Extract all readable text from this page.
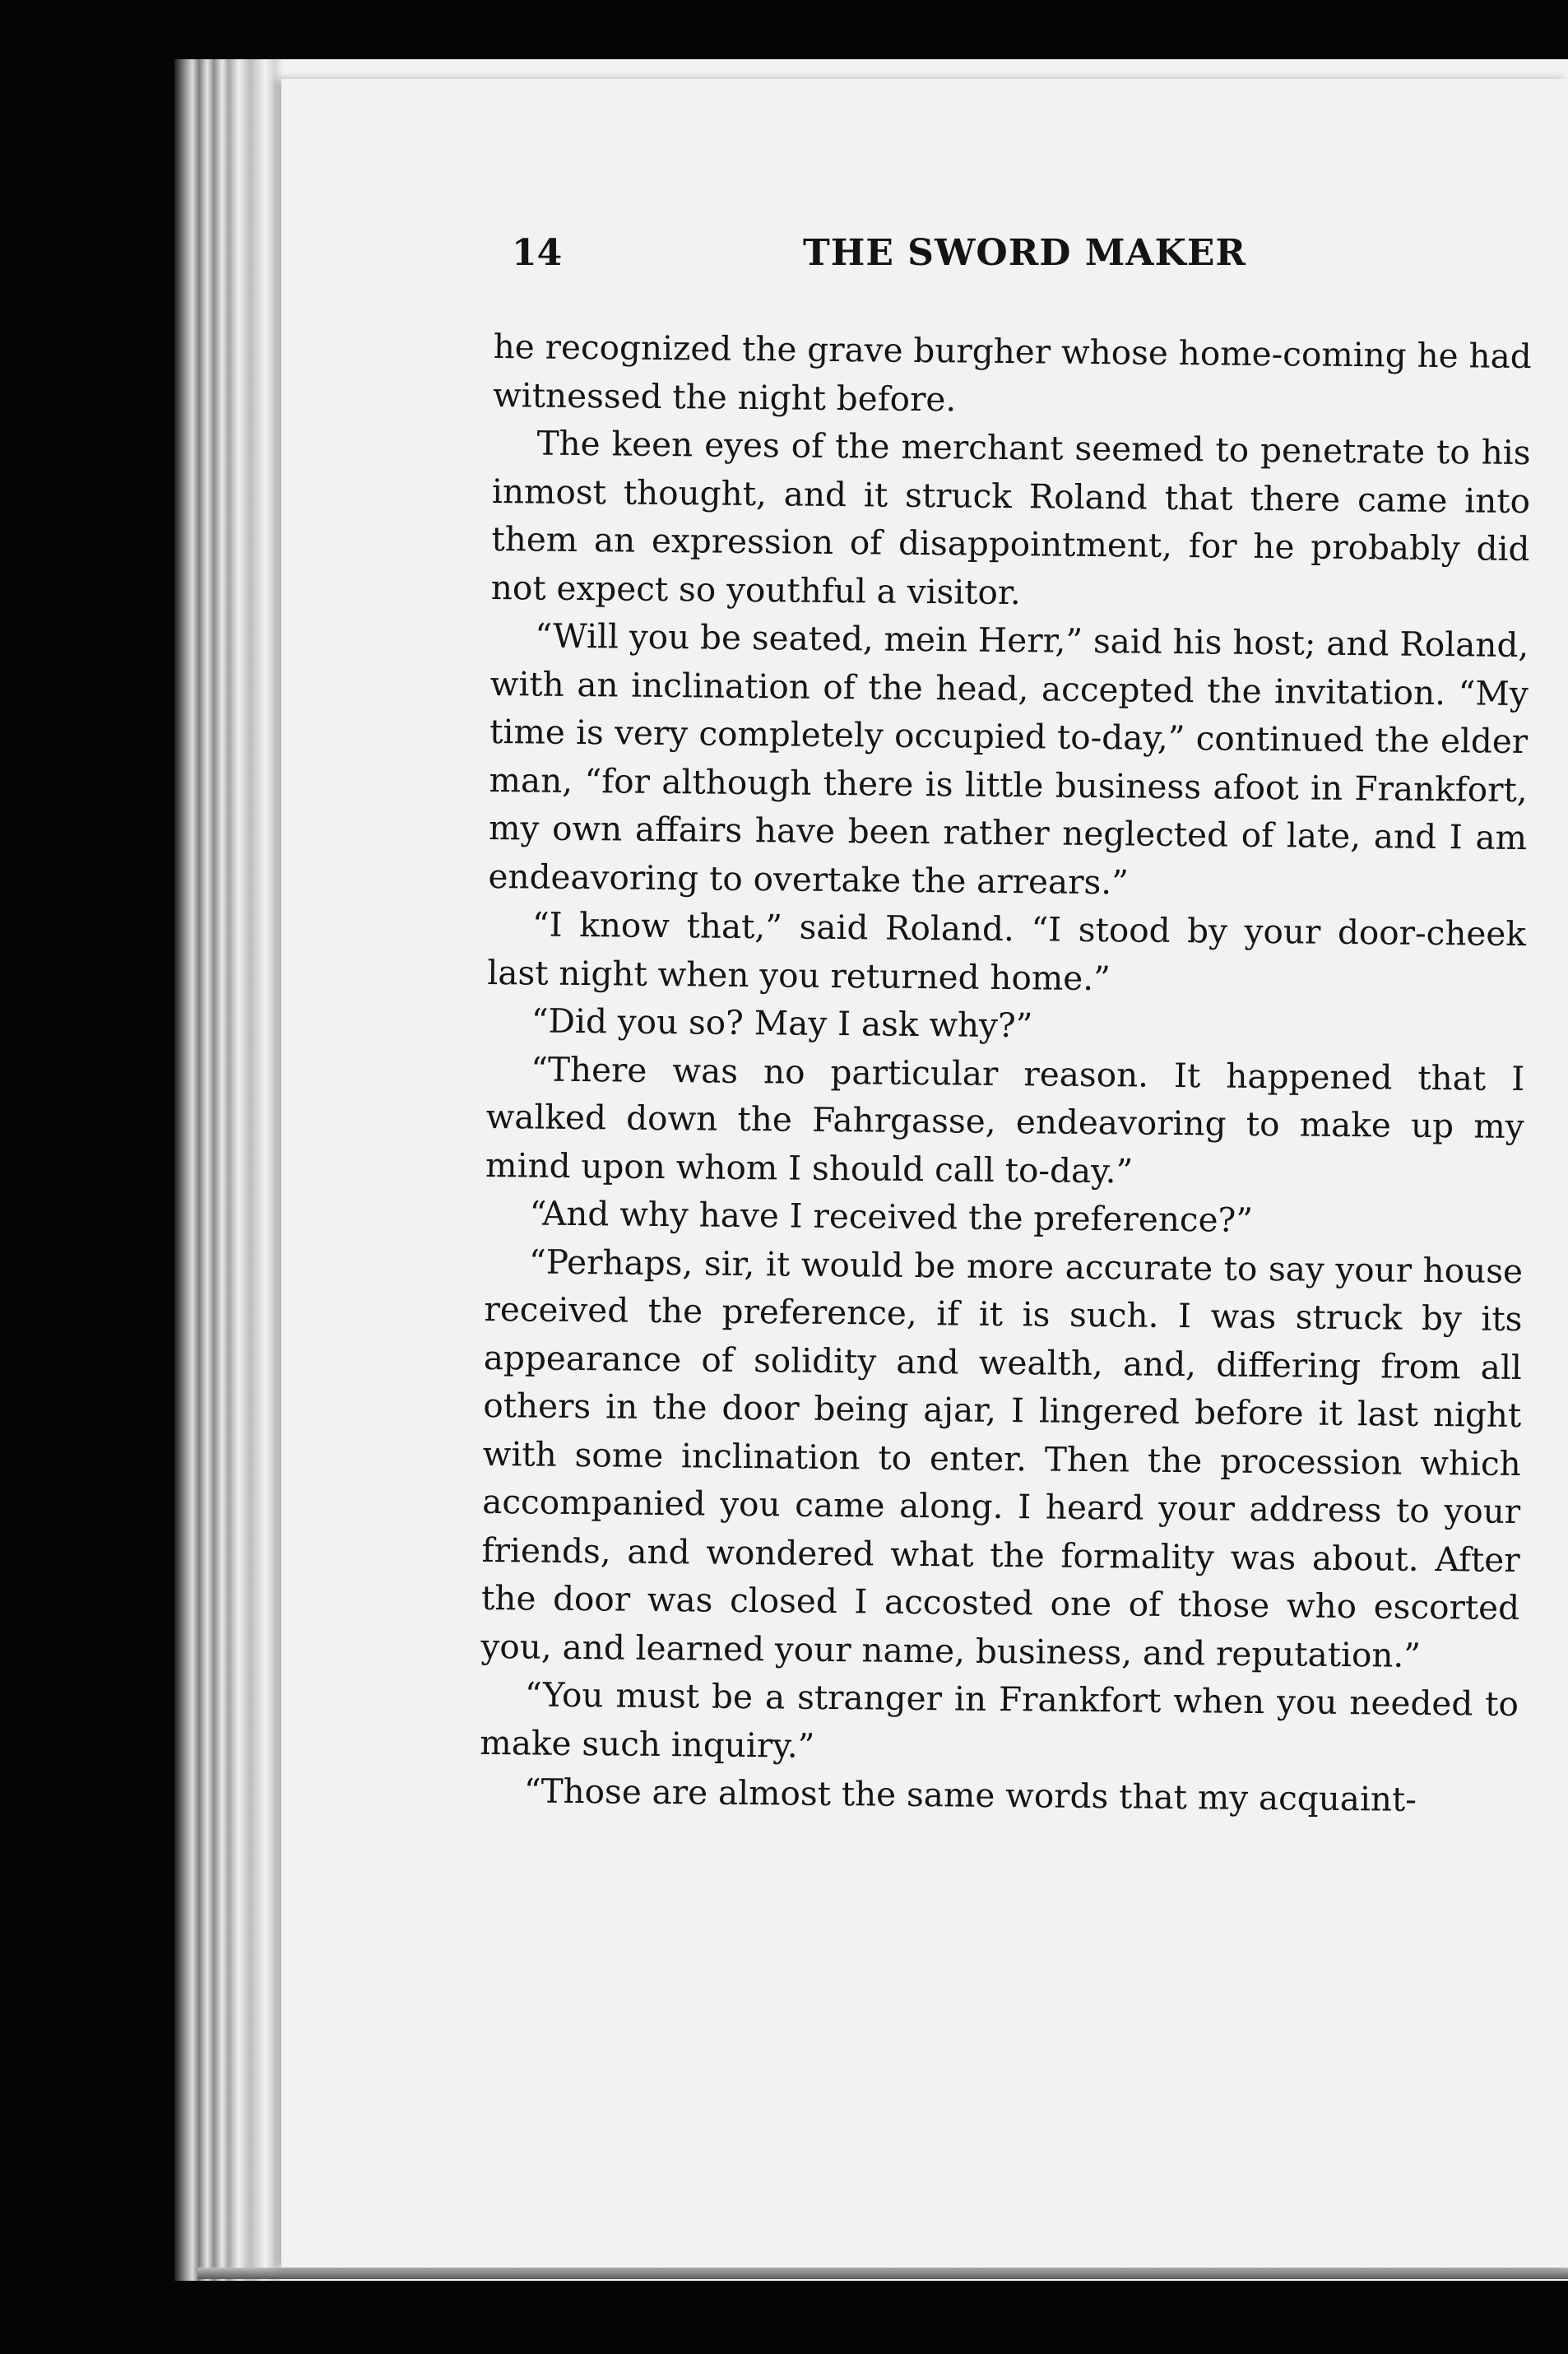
14	THE SWORD MAKER

he recognized the grave burgher whose home-coming he had witnessed the night before.

The keen eyes of the merchant seemed to penetrate to his inmost thought, and it struck Roland that there came into them an expression of disappointment, for he probably did not expect so youthful a visitor.

“Will you be seated, mein Herr,” said his host; and Roland, with an inclination of the head, accepted the invitation. “My time is very completely occupied to-day,” continued the elder man, “for although there is little business afoot in Frankfort, my own affairs have been rather neglected of late, and I am endeavoring to overtake the arrears.”

“I know that,” said Roland. “I stood by your door-cheek last night when you returned home.”

“Did you so? May I ask why?”

“There was no particular reason. It happened that I walked down the Fahrgasse, endeavoring to make up my mind upon whom I should call to-day.”

“And why have I received the preference?”

“Perhaps, sir, it would be more accurate to say your house received the preference, if it is such. I was struck by its appearance of solidity and wealth, and, differing from all others in the door being ajar, I lingered before it last night with some inclination to enter. Then the procession which accompanied you came along. I heard your address to your friends, and wondered what the formality was about. After the door was closed I accosted one of those who escorted you, and learned your name, business, and reputation.”

“You must be a stranger in Frankfort when you needed to make such inquiry.”

“Those are almost the same words that my acquaint-
